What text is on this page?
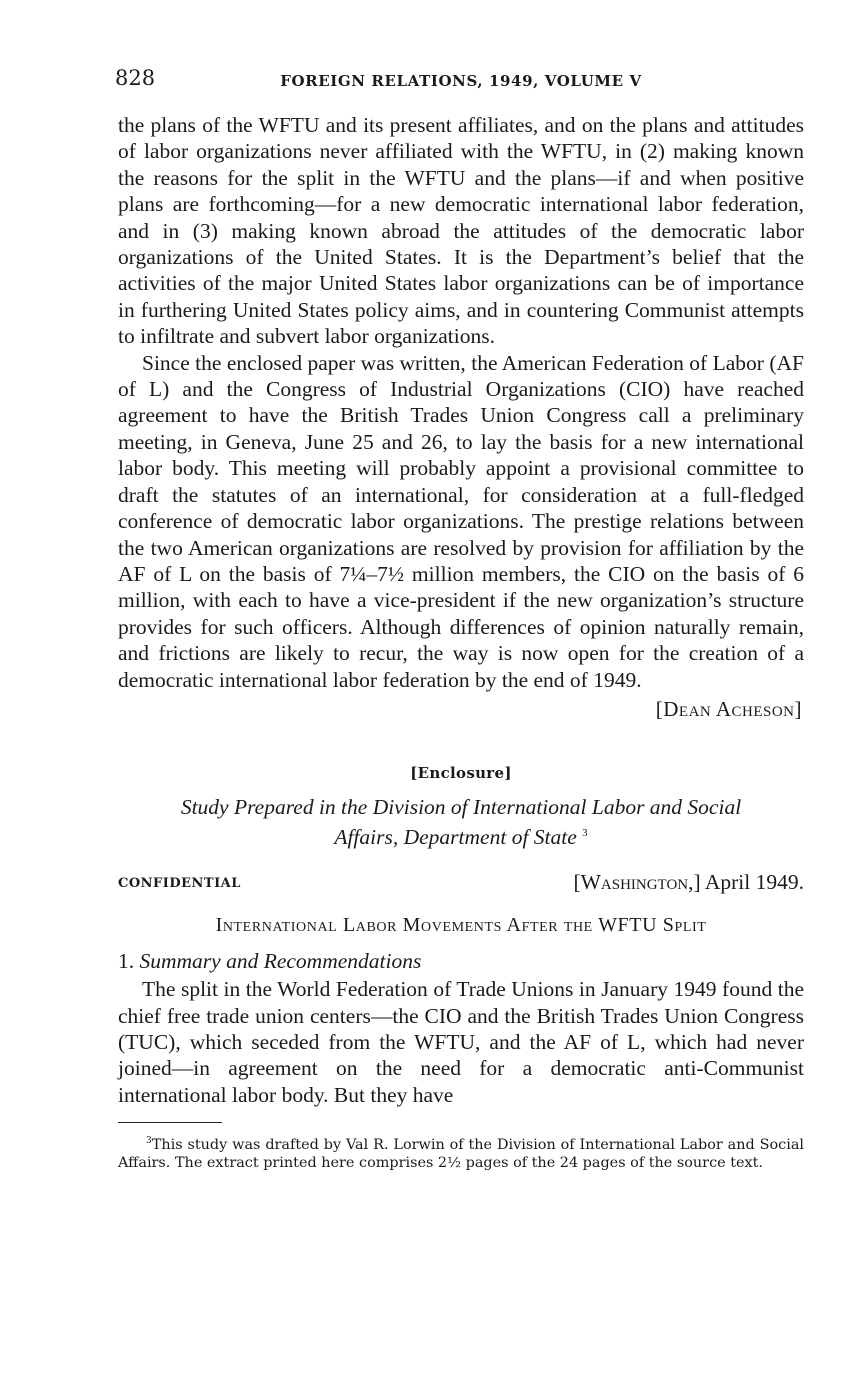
828	FOREIGN RELATIONS, 1949, VOLUME V

the plans of the WFTU and its present affiliates, and on the plans and attitudes of labor organizations never affiliated with the WFTU, in (2) making known the reasons for the split in the WFTU and the plans—if and when positive plans are forthcoming—for a new democratic international labor federation, and in (3) making known abroad the attitudes of the democratic labor organizations of the United States. It is the Department’s belief that the activities of the major United States labor organizations can be of importance in furthering United States policy aims, and in countering Communist attempts to infiltrate and subvert labor organizations.

Since the enclosed paper was written, the American Federation of Labor (AF of L) and the Congress of Industrial Organizations (CIO) have reached agreement to have the British Trades Union Congress call a preliminary meeting, in Geneva, June 25 and 26, to lay the basis for a new international labor body. This meeting will probably appoint a provisional committee to draft the statutes of an international, for consideration at a full-fledged conference of democratic labor organizations. The prestige relations between the two American organizations are resolved by provision for affiliation by the AF of L on the basis of 7¼–7½ million members, the CIO on the basis of 6 million, with each to have a vice-president if the new organization’s structure provides for such officers. Although differences of opinion naturally remain, and frictions are likely to recur, the way is now open for the creation of a democratic international labor federation by the end of 1949.

[Dean Acheson]
[Enclosure]
Study Prepared in the Division of International Labor and Social
Affairs, Department of State $^3$
CONFIDENTIAL	[Washington,] April 1949.
International Labor Movements After the WFTU Split
1. Summary and Recommendations

The split in the World Federation of Trade Unions in January 1949 found the chief free trade union centers—the CIO and the British Trades Union Congress (TUC), which seceded from the WFTU, and the AF of L, which had never joined—in agreement on the need for a democratic anti-Communist international labor body. But they have

$^3$This study was drafted by Val R. Lorwin of the Division of International Labor and Social Affairs. The extract printed here comprises 2½ pages of the 24 pages of the source text.
